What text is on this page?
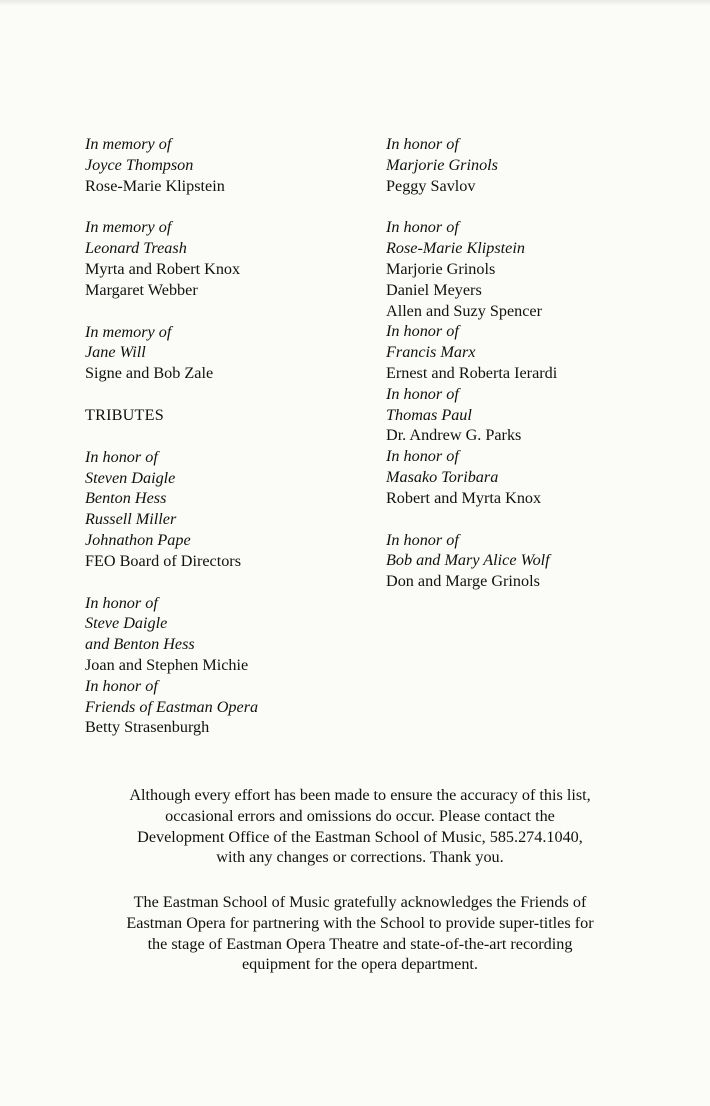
In memory of
Joyce Thompson
Rose-Marie Klipstein
In memory of
Leonard Treash
Myrta and Robert Knox
Margaret Webber
In memory of
Jane Will
Signe and Bob Zale
TRIBUTES
In honor of
Steven Daigle
Benton Hess
Russell Miller
Johnathon Pape
FEO Board of Directors
In honor of
Steve Daigle
and Benton Hess
Joan and Stephen Michie
In honor of
Friends of Eastman Opera
Betty Strasenburgh
In honor of
Marjorie Grinols
Peggy Savlov
In honor of
Rose-Marie Klipstein
Marjorie Grinols
Daniel Meyers
Allen and Suzy Spencer
In honor of
Francis Marx
Ernest and Roberta Ierardi
In honor of
Thomas Paul
Dr. Andrew G. Parks
In honor of
Masako Toribara
Robert and Myrta Knox
In honor of
Bob and Mary Alice Wolf
Don and Marge Grinols
Although every effort has been made to ensure the accuracy of this list,
occasional errors and omissions do occur. Please contact the
Development Office of the Eastman School of Music, 585.274.1040,
with any changes or corrections. Thank you.
The Eastman School of Music gratefully acknowledges the Friends of
Eastman Opera for partnering with the School to provide super-titles for
the stage of Eastman Opera Theatre and state-of-the-art recording
equipment for the opera department.
